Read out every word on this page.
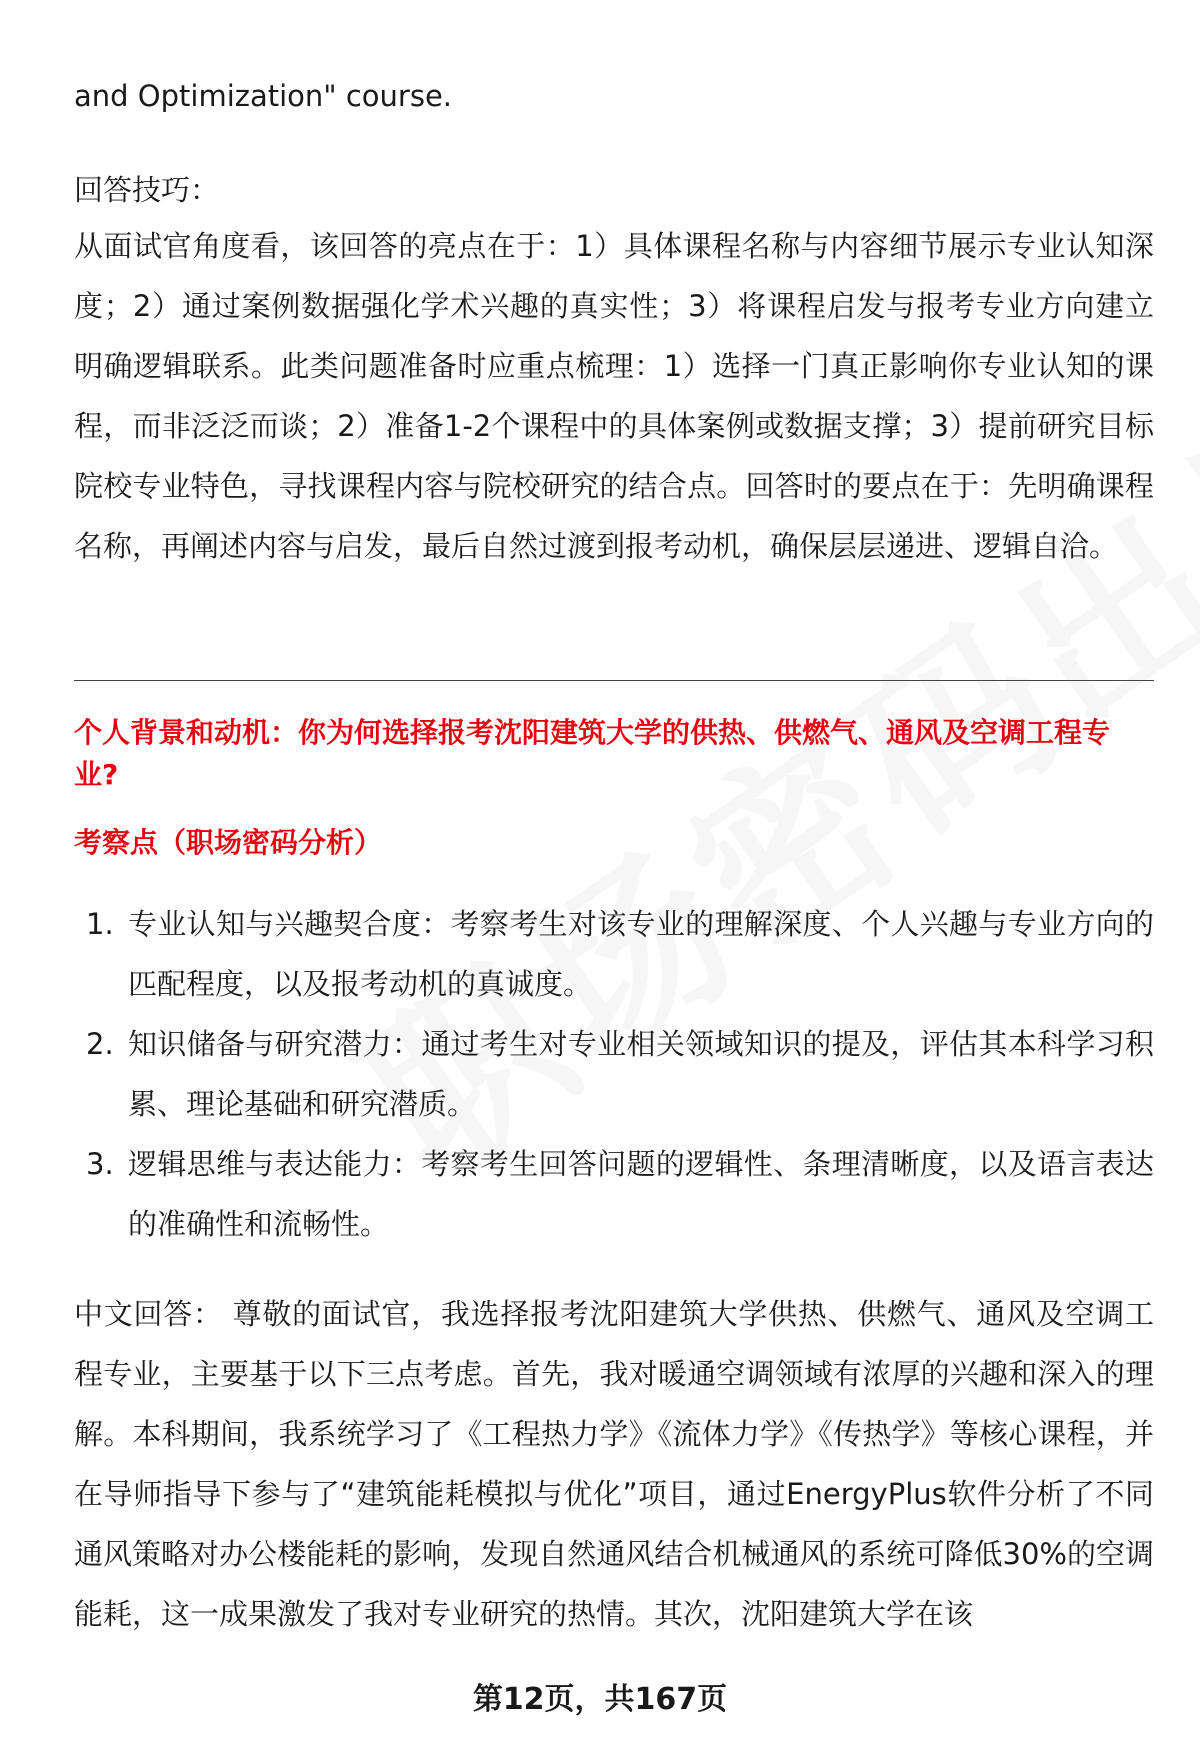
and Optimization" course.

回答技巧：

从面试官角度看，该回答的亮点在于：1）具体课程名称与内容细节展示专业认知深度；2）通过案例数据强化学术兴趣的真实性；3）将课程启发与报考专业方向建立明确逻辑联系。此类问题准备时应重点梳理：1）选择一门真正影响你专业认知的课程，而非泛泛而谈；2）准备1-2个课程中的具体案例或数据支撑；3）提前研究目标院校专业特色，寻找课程内容与院校研究的结合点。回答时的要点在于：先明确课程名称，再阐述内容与启发，最后自然过渡到报考动机，确保层层递进、逻辑自洽。

个人背景和动机：你为何选择报考沈阳建筑大学的供热、供燃气、通风及空调工程专业?
考察点（职场密码分析）
1. 专业认知与兴趣契合度：考察考生对该专业的理解深度、个人兴趣与专业方向的匹配程度，以及报考动机的真诚度。
2. 知识储备与研究潜力：通过考生对专业相关领域知识的提及，评估其本科学习积累、理论基础和研究潜质。
3. 逻辑思维与表达能力：考察考生回答问题的逻辑性、条理清晰度，以及语言表达的准确性和流畅性。

中文回答： 尊敬的面试官，我选择报考沈阳建筑大学供热、供燃气、通风及空调工程专业，主要基于以下三点考虑。首先，我对暖通空调领域有浓厚的兴趣和深入的理解。本科期间，我系统学习了《工程热力学》《流体力学》《传热学》等核心课程，并在导师指导下参与了“建筑能耗模拟与优化”项目，通过EnergyPlus软件分析了不同通风策略对办公楼能耗的影响，发现自然通风结合机械通风的系统可降低30%的空调能耗，这一成果激发了我对专业研究的热情。其次，沈阳建筑大学在该

第12页，共167页
